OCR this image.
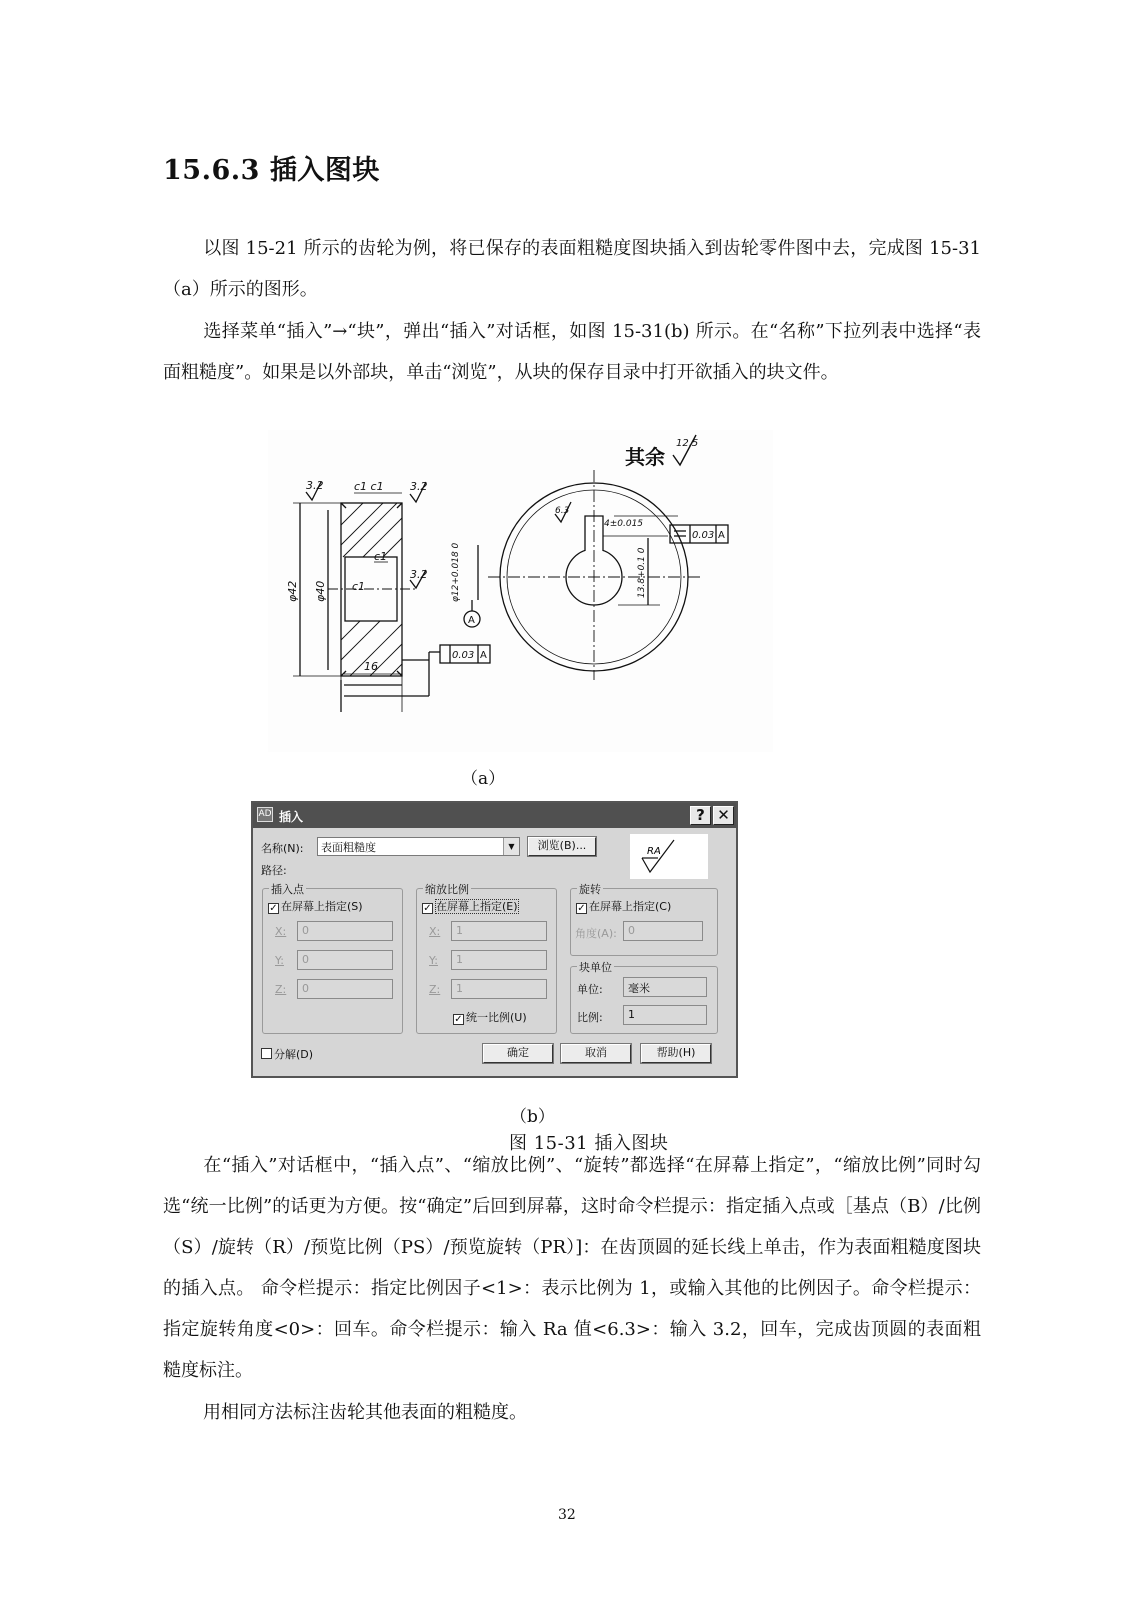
15.6.3 插入图块

以图 15-21 所示的齿轮为例，将已保存的表面粗糙度图块插入到齿轮零件图中去，完成图 15-31（a）所示的图形。

选择菜单“插入”→“块”，弹出“插入”对话框，如图 15-31(b) 所示。在“名称”下拉列表中选择“表面粗糙度”。如果是以外部块，单击“浏览”，从块的保存目录中打开欲插入的块文件。

3.2	c1 c1 3.2
c1
c1
3.2
φ42 φ40	φ12+0.018 0
A
16
0.03 A
6.3
4±0.015
13.8+0.1 0
0.03 A
其余
12.5
（a）
AD 插入	? ✕
名称(N):	表面粗糙度	▼	浏览(B)...	RA
路径:
插入点
✓ 在屏幕上指定(S)
X:	0
Y:	0
Z:	0
缩放比例
✓ 在屏幕上指定(E)
X:	1
Y:	1
Z:	1
✓ 统一比例(U)
旋转
✓ 在屏幕上指定(C)
角度(A):	0
块单位
单位:	毫米
比例:	1
分解(D)	确定	取消	帮助(H)
（b）
图 15-31 插入图块

在“插入”对话框中，“插入点”、“缩放比例”、“旋转”都选择“在屏幕上指定”，“缩放比例”同时勾选“统一比例”的话更为方便。按“确定”后回到屏幕，这时命令栏提示：指定插入点或［基点（B）/比例（S）/旋转（R）/预览比例（PS）/预览旋转（PR）]：在齿顶圆的延长线上单击，作为表面粗糙度图块的插入点。 命令栏提示：指定比例因子<1>：表示比例为 1，或输入其他的比例因子。命令栏提示：指定旋转角度<0>：回车。命令栏提示：输入 Ra 值<6.3>：输入 3.2，回车，完成齿顶圆的表面粗糙度标注。

用相同方法标注齿轮其他表面的粗糙度。

32
